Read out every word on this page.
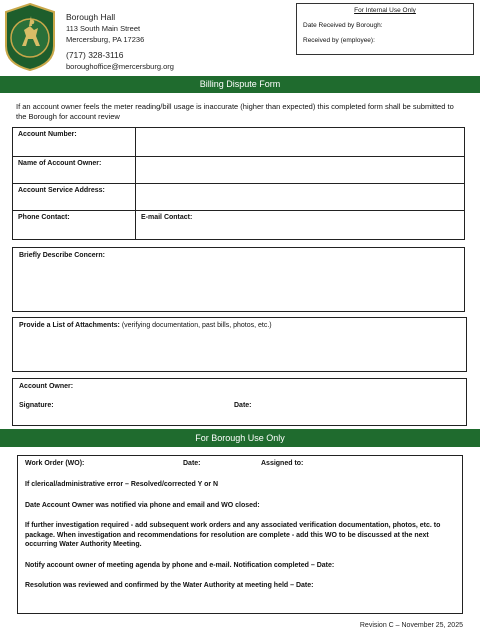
Borough Hall
113 South Main Street
Mercersburg, PA 17236
(717) 328-3116
boroughoffice@mercersburg.org
For Internal Use Only
Date Received by Borough:
Received by (employee):
Billing Dispute Form
If an account owner feels the meter reading/bill usage is inaccurate (higher than expected) this completed form shall be submitted to the Borough for account review
Account Number:	
Name of Account Owner:	
Account Service Address:	
Phone Contact:	E-mail Contact:
Briefly Describe Concern:
Provide a List of Attachments: (verifying documentation, past bills, photos, etc.)
Account Owner:
Signature:	Date:
For Borough Use Only
Work Order (WO):	Date:	Assigned to:

If clerical/administrative error – Resolved/corrected Y or N

Date Account Owner was notified via phone and email and WO closed:

If further investigation required - add subsequent work orders and any associated verification documentation, photos, etc. to package. When investigation and recommendations for resolution are complete - add this WO to be discussed at the next occurring Water Authority Meeting.

Notify account owner of meeting agenda by phone and e-mail. Notification completed – Date:

Resolution was reviewed and confirmed by the Water Authority at meeting held – Date:

Revision C – November 25, 2025
